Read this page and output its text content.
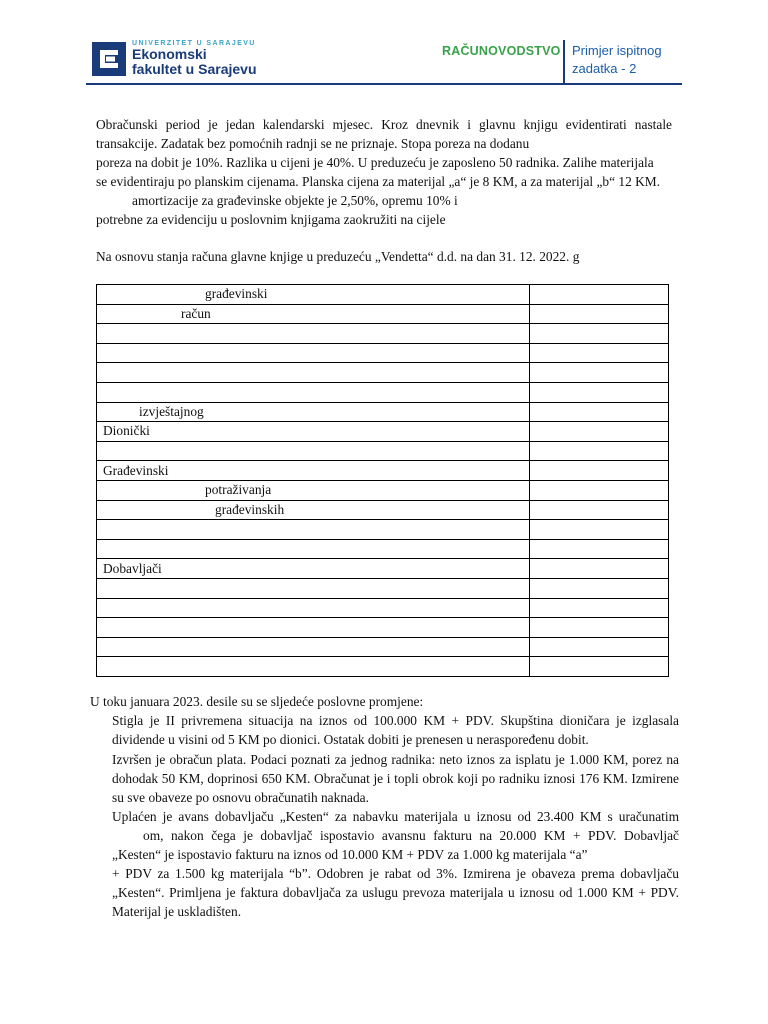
UNIVERZITET U SARAJEVU
Ekonomski
fakultet u Sarajevu
RAČUNOVODSTVO Primjer ispitnog
zadatka - 2
Obračunski period je jedan kalendarski mjesec. Kroz dnevnik i glavnu knjigu evidentirati nastale
transakcije. Zadatak bez pomoćnih radnji se ne priznaje. Stopa poreza na dodanu
poreza na dobit je 10%. Razlika u cijeni je 40%. U preduzeću je zaposleno 50 radnika. Zalihe materijala
se evidentiraju po planskim cijenama. Planska cijena za materijal „a“ je 8 KM, a za materijal „b“ 12 KM.
amortizacije za građevinske objekte je 2,50%, opremu 10% i
potrebne za evidenciju u poslovnim knjigama zaokružiti na cijele
Na osnovu stanja računa glavne knjige u preduzeću „Vendetta“ d.d. na dan 31. 12. 2022. g
građevinski	
račun	

izvještajnog	
Dionički	

Građevinski	
potraživanja	
građevinskih	

Dobavljači	

U toku januara 2023. desile su se sljedeće poslovne promjene:
Stigla je II privremena situacija na iznos od 100.000 KM + PDV. Skupština dioničara je izglasala
dividende u visini od 5 KM po dionici. Ostatak dobiti je prenesen u neraspoređenu dobit.
Izvršen je obračun plata. Podaci poznati za jednog radnika: neto iznos za isplatu je 1.000 KM, porez na
dohodak 50 KM, doprinosi 650 KM. Obračunat je i topli obrok koji po radniku iznosi 176 KM. Izmirene
su sve obaveze po osnovu obračunatih naknada.
Uplaćen je avans dobavljaču „Kesten“ za nabavku materijala u iznosu od 23.400 KM s uračunatim
om, nakon čega je dobavljač ispostavio avansnu fakturu na 20.000 KM + PDV. Dobavljač
„Kesten“ je ispostavio fakturu na iznos od 10.000 KM + PDV za 1.000 kg materijala “a”
+ PDV za 1.500 kg materijala “b”. Odobren je rabat od 3%. Izmirena je obaveza prema dobavljaču
„Kesten“. Primljena je faktura dobavljača za uslugu prevoza materijala u iznosu od 1.000 KM + PDV.
Materijal je uskladišten.
